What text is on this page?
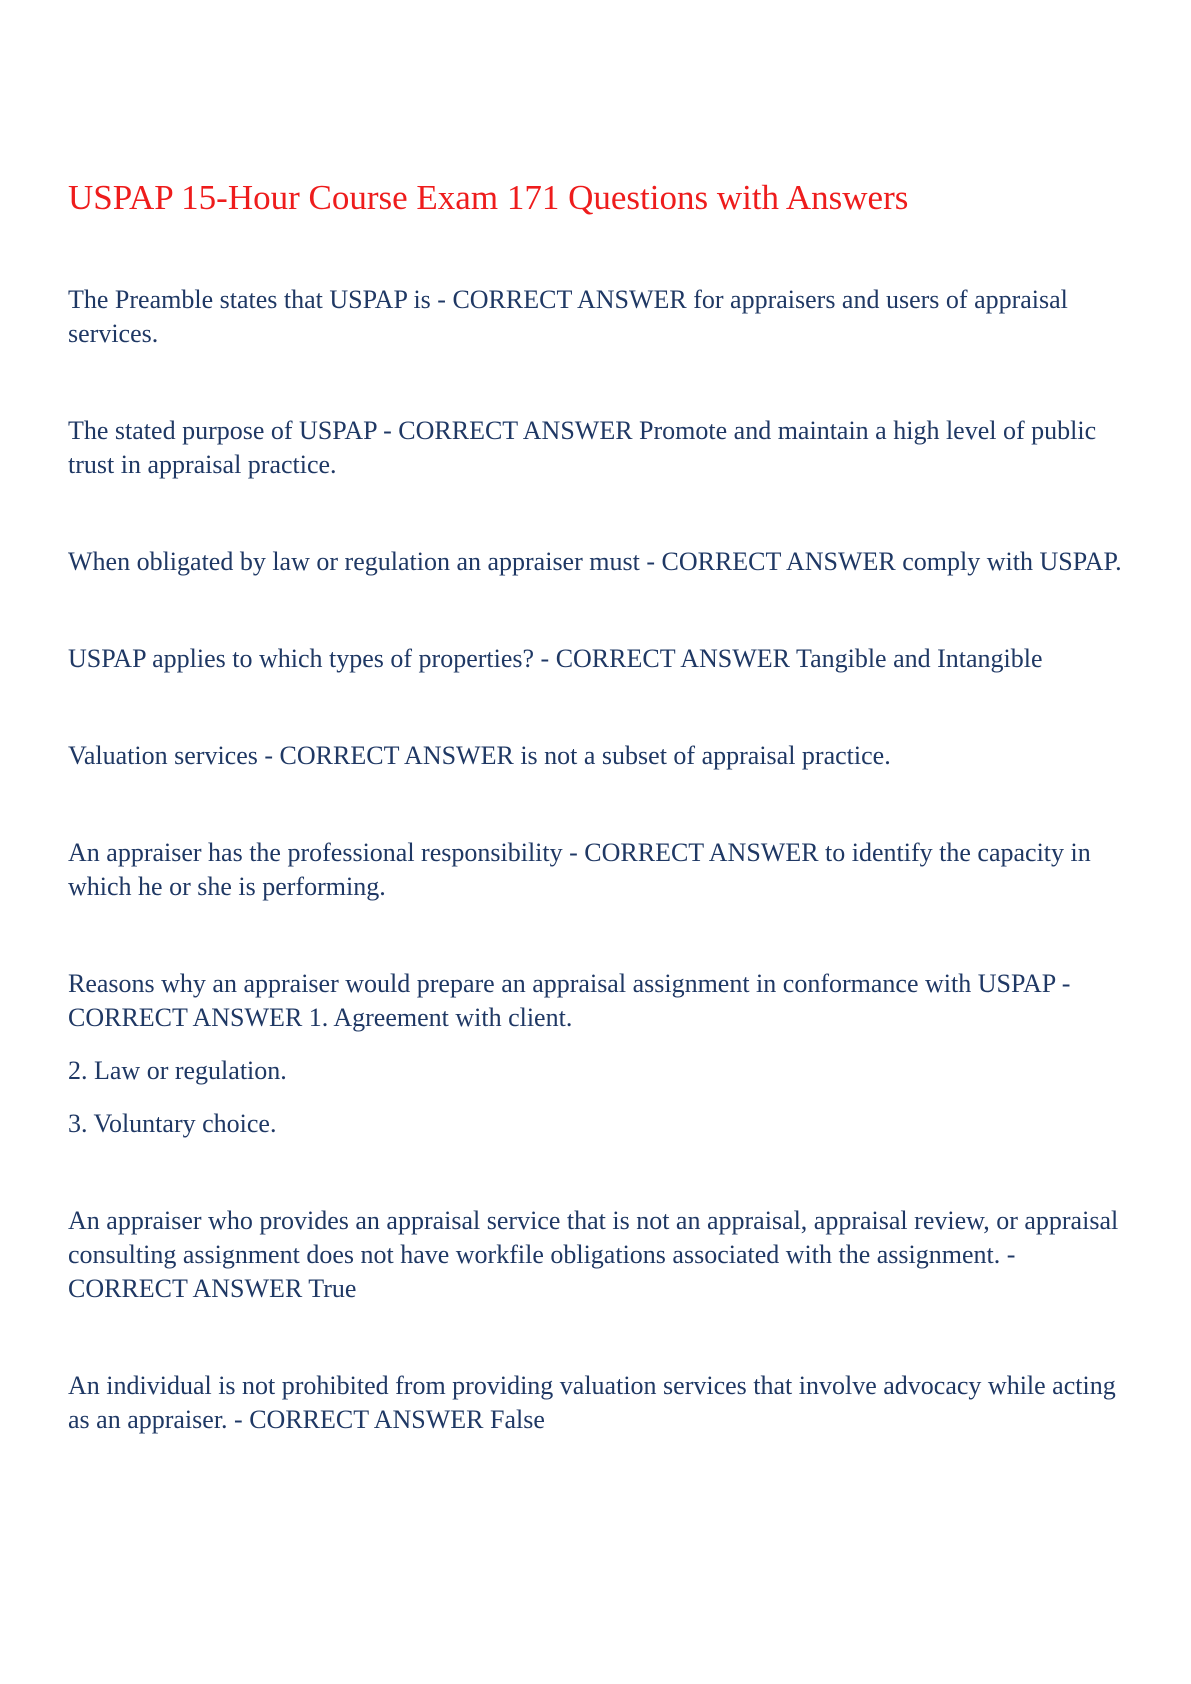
USPAP 15-Hour Course Exam 171 Questions with Answers

The Preamble states that USPAP is - CORRECT ANSWER for appraisers and users of appraisal services.

The stated purpose of USPAP - CORRECT ANSWER Promote and maintain a high level of public trust in appraisal practice.

When obligated by law or regulation an appraiser must - CORRECT ANSWER comply with USPAP.

USPAP applies to which types of properties? - CORRECT ANSWER Tangible and Intangible

Valuation services - CORRECT ANSWER is not a subset of appraisal practice.

An appraiser has the professional responsibility - CORRECT ANSWER to identify the capacity in which he or she is performing.

Reasons why an appraiser would prepare an appraisal assignment in conformance with USPAP - CORRECT ANSWER 1. Agreement with client.

2. Law or regulation.

3. Voluntary choice.

An appraiser who provides an appraisal service that is not an appraisal, appraisal review, or appraisal consulting assignment does not have workfile obligations associated with the assignment. - CORRECT ANSWER True

An individual is not prohibited from providing valuation services that involve advocacy while acting as an appraiser. - CORRECT ANSWER False
